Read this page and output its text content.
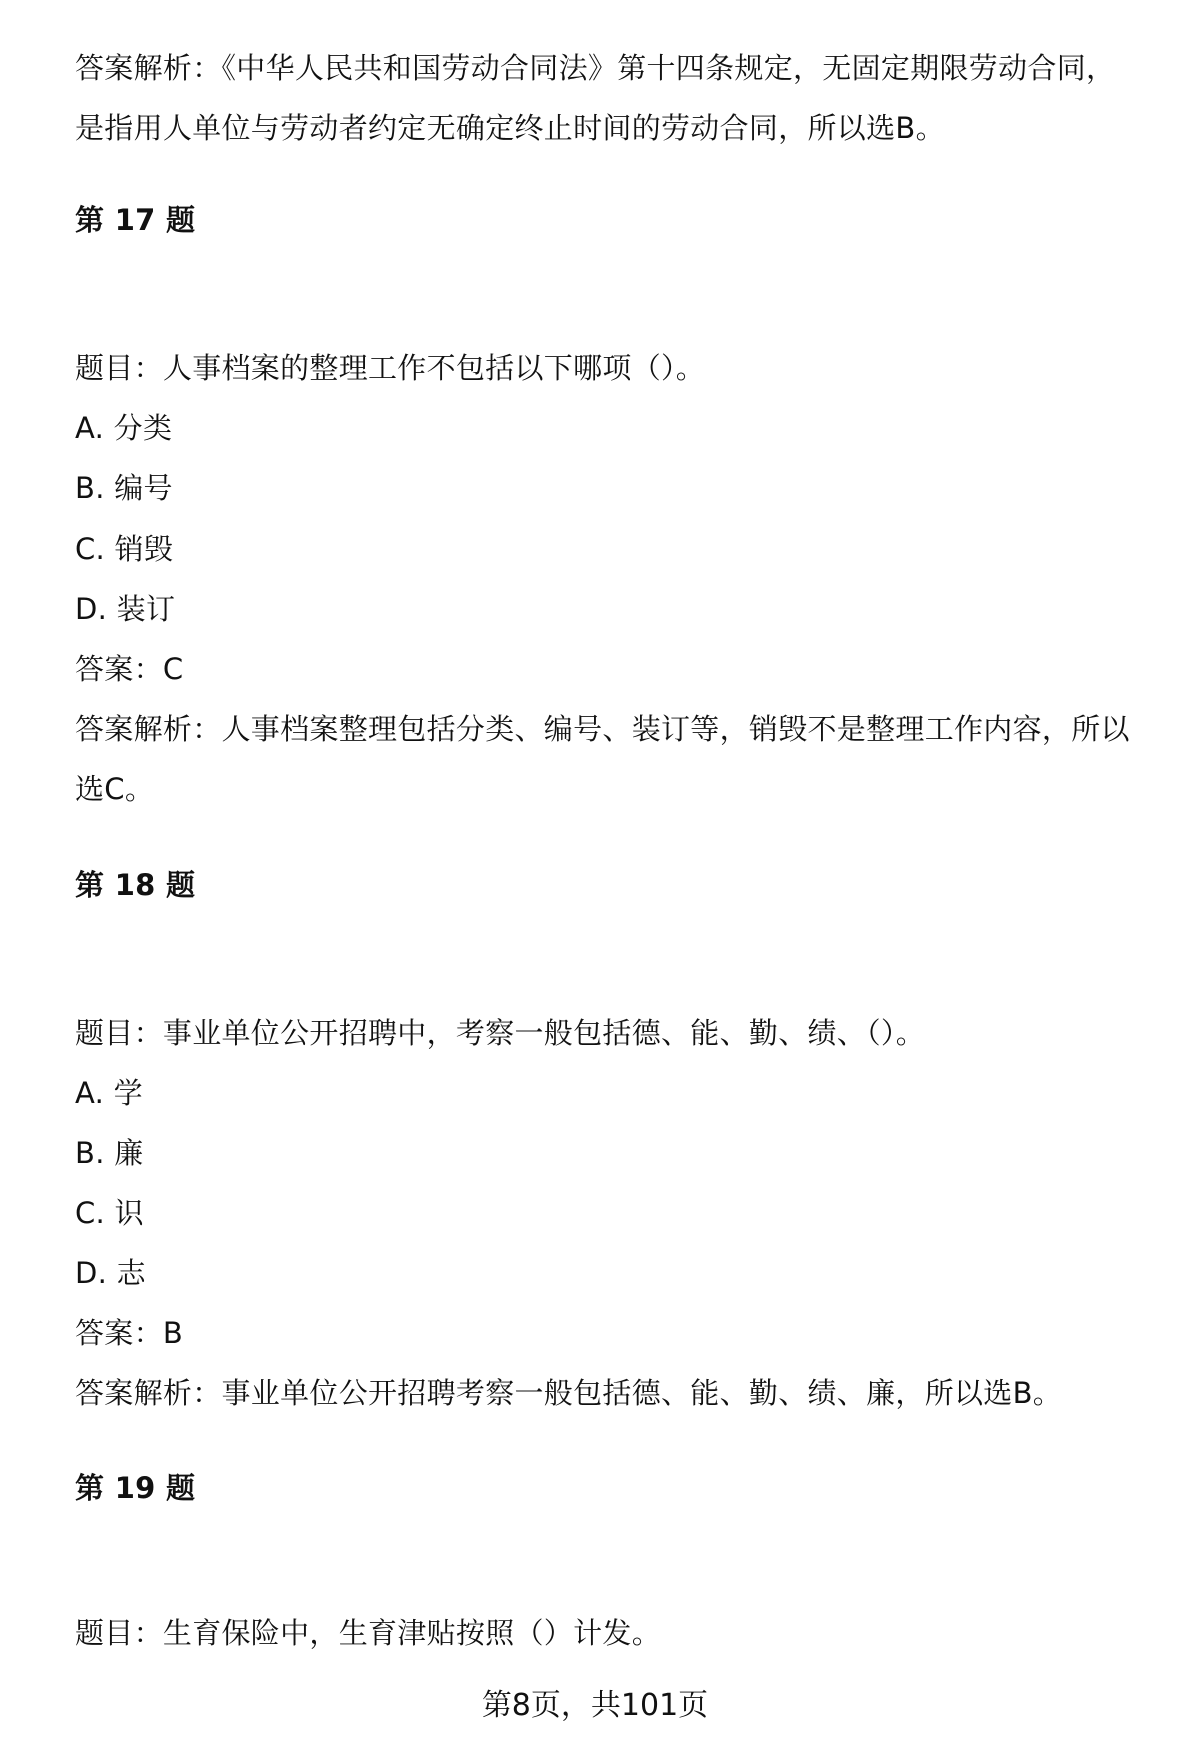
答案解析：《中华人民共和国劳动合同法》第十四条规定，无固定期限劳动合同，
是指用人单位与劳动者约定无确定终止时间的劳动合同，所以选B。
第 17 题
题目：人事档案的整理工作不包括以下哪项（）。
A. 分类
B. 编号
C. 销毁
D. 装订
答案：C
答案解析：人事档案整理包括分类、编号、装订等，销毁不是整理工作内容，所以
选C。
第 18 题
题目：事业单位公开招聘中，考察一般包括德、能、勤、绩、（）。
A. 学
B. 廉
C. 识
D. 志
答案：B
答案解析：事业单位公开招聘考察一般包括德、能、勤、绩、廉，所以选B。
第 19 题
题目：生育保险中，生育津贴按照（）计发。
第8页，共101页
